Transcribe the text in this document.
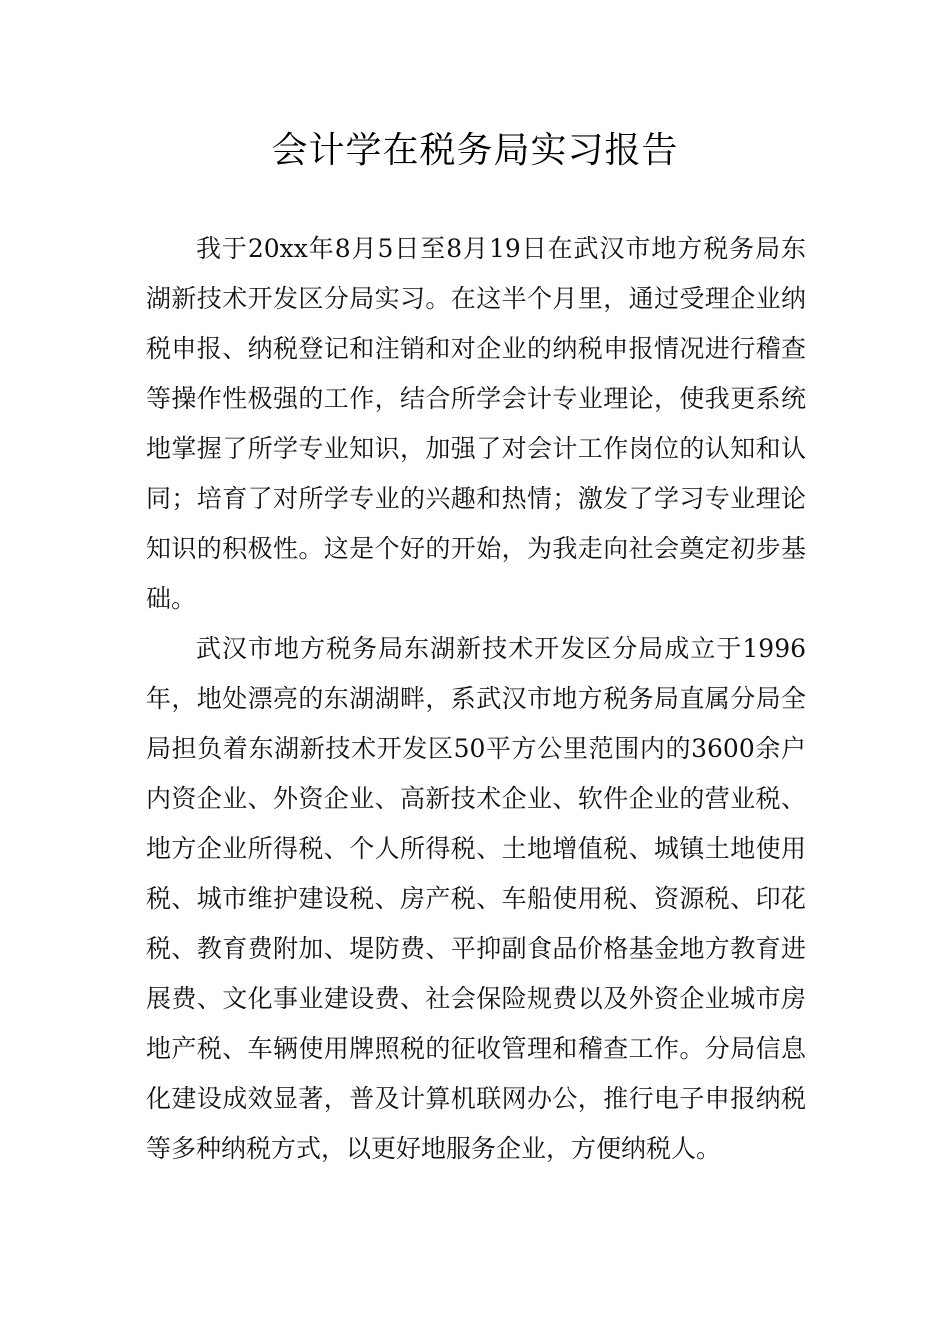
会计学在税务局实习报告

我于20xx年8月5日至8月19日在武汉市地方税务局东湖新技术开发区分局实习。在这半个月里，通过受理企业纳税申报、纳税登记和注销和对企业的纳税申报情况进行稽查等操作性极强的工作，结合所学会计专业理论，使我更系统地掌握了所学专业知识，加强了对会计工作岗位的认知和认同；培育了对所学专业的兴趣和热情；激发了学习专业理论知识的积极性。这是个好的开始，为我走向社会奠定初步基础。

武汉市地方税务局东湖新技术开发区分局成立于1996年，地处漂亮的东湖湖畔，系武汉市地方税务局直属分局全局担负着东湖新技术开发区50平方公里范围内的3600余户内资企业、外资企业、高新技术企业、软件企业的营业税、地方企业所得税、个人所得税、土地增值税、城镇土地使用税、城市维护建设税、房产税、车船使用税、资源税、印花税、教育费附加、堤防费、平抑副食品价格基金地方教育进展费、文化事业建设费、社会保险规费以及外资企业城市房地产税、车辆使用牌照税的征收管理和稽查工作。分局信息化建设成效显著，普及计算机联网办公，推行电子申报纳税等多种纳税方式，以更好地服务企业，方便纳税人。
